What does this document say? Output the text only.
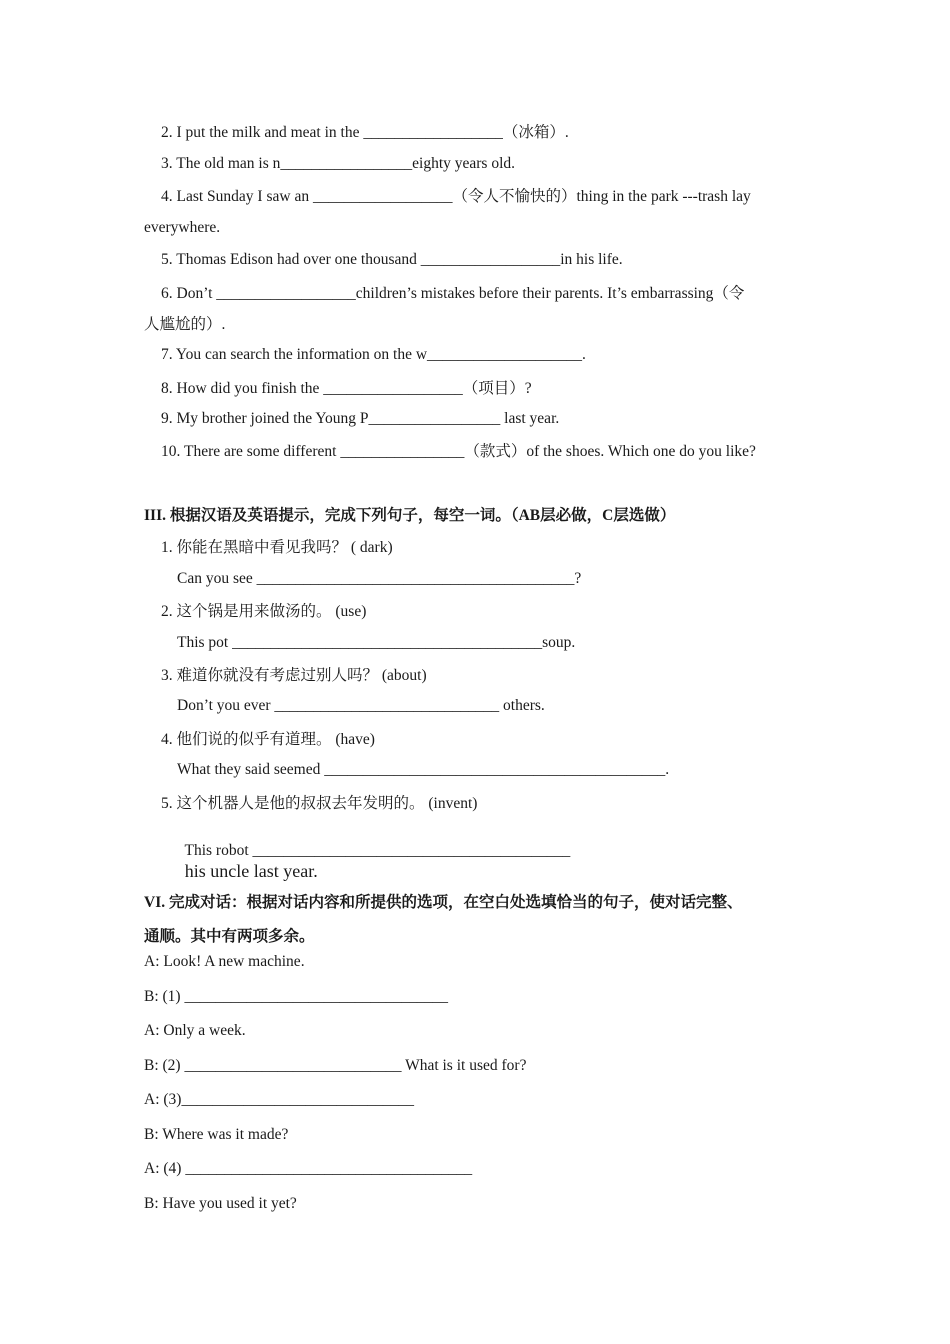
2. I put the milk and meat in the __________________（冰箱）.
3. The old man is n_________________eighty years old.
4. Last Sunday I saw an __________________（令人不愉快的）thing in the park ---trash lay
everywhere.
5. Thomas Edison had over one thousand __________________in his life.
6. Don’t __________________children’s mistakes before their parents. It’s embarrassing（令
人尴尬的）.
7. You can search the information on the w____________________.
8. How did you finish the __________________（项目）?
9. My brother joined the Young P_________________ last year.
10. There are some different ________________（款式）of the shoes. Which one do you like?
III. 根据汉语及英语提示，完成下列句子，每空一词。（AB层必做，C层选做）
1. 你能在黑暗中看见我吗？ ( dark)
Can you see _________________________________________?
2. 这个锅是用来做汤的。 (use)
This pot ________________________________________soup.
3. 难道你就没有考虑过别人吗？ (about)
Don’t you ever _____________________________ others.
4. 他们说的似乎有道理。 (have)
What they said seemed ____________________________________________.
5. 这个机器人是他的叔叔去年发明的。 (invent)

This robot _________________________________________
his uncle last year.

VI. 完成对话：根据对话内容和所提供的选项，在空白处选填恰当的句子，使对话完整、
通顺。其中有两项多余。
A: Look! A new machine.
B: (1) __________________________________
A: Only a week.
B: (2) ____________________________ What is it used for?
A: (3)______________________________
B: Where was it made?
A: (4) _____________________________________
B: Have you used it yet?
